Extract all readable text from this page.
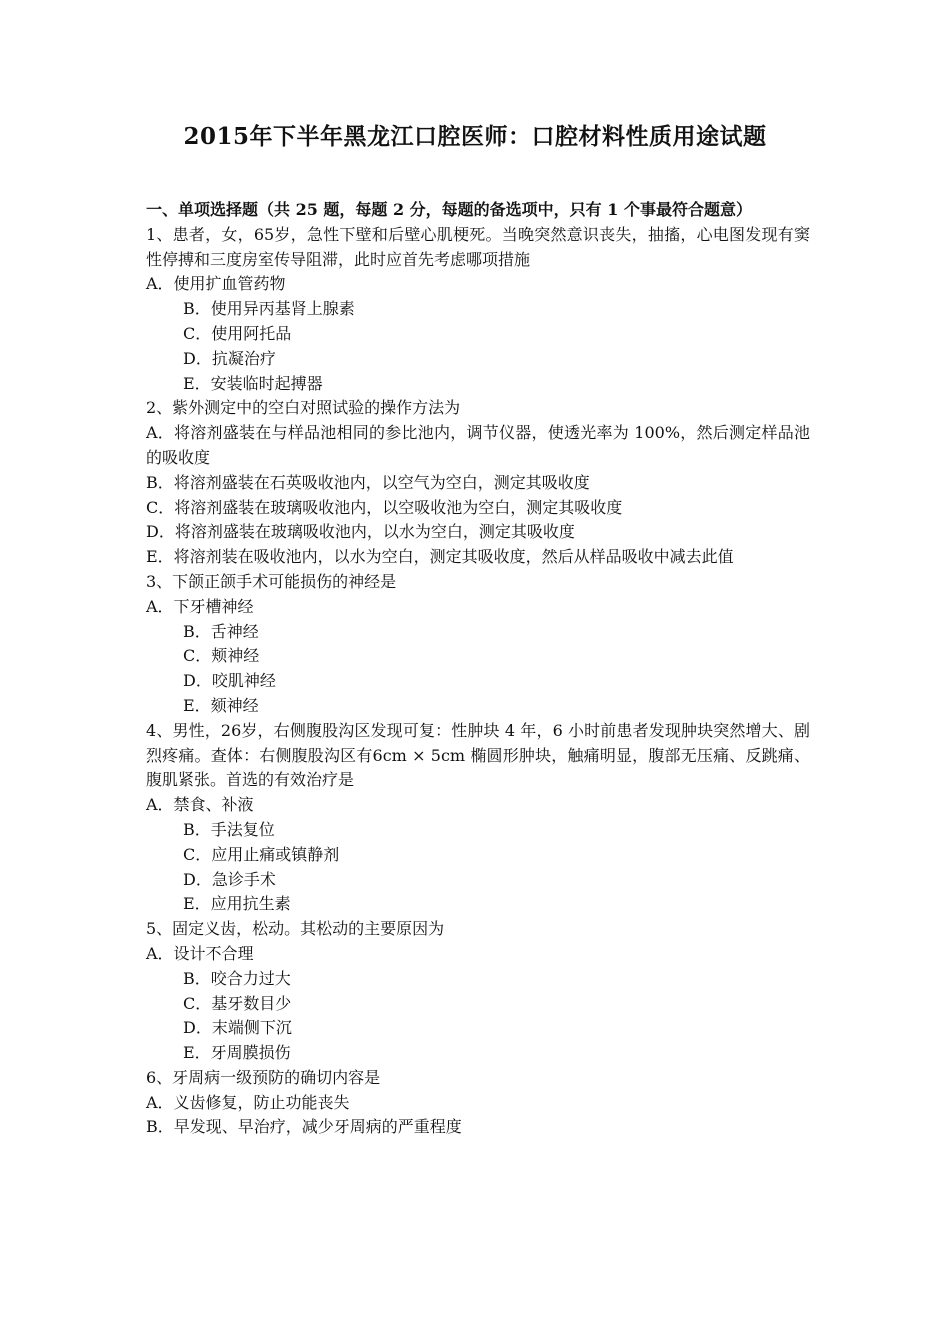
2015年下半年黑龙江口腔医师：口腔材料性质用途试题

一、单项选择题（共 25 题，每题 2 分，每题的备选项中，只有 1 个事最符合题意）

1、患者，女，65岁，急性下壁和后壁心肌梗死。当晚突然意识丧失，抽搐，心电图发现有窦性停搏和三度房室传导阻滞，此时应首先考虑哪项措施

A．使用扩血管药物

B．使用异丙基肾上腺素

C．使用阿托品

D．抗凝治疗

E．安装临时起搏器

2、紫外测定中的空白对照试验的操作方法为

A．将溶剂盛装在与样品池相同的参比池内，调节仪器，使透光率为 100%，然后测定样品池的吸收度

B．将溶剂盛装在石英吸收池内，以空气为空白，测定其吸收度

C．将溶剂盛装在玻璃吸收池内，以空吸收池为空白，测定其吸收度

D．将溶剂盛装在玻璃吸收池内，以水为空白，测定其吸收度

E．将溶剂装在吸收池内，以水为空白，测定其吸收度，然后从样品吸收中减去此值

3、下颌正颌手术可能损伤的神经是

A．下牙槽神经

B．舌神经

C．颊神经

D．咬肌神经

E．颏神经

4、男性，26岁，右侧腹股沟区发现可复：性肿块 4 年，6 小时前患者发现肿块突然增大、剧烈疼痛。查体：右侧腹股沟区有6cm × 5cm 椭圆形肿块，触痛明显，腹部无压痛、反跳痛、腹肌紧张。首选的有效治疗是

A．禁食、补液

B．手法复位

C．应用止痛或镇静剂

D．急诊手术

E．应用抗生素

5、固定义齿，松动。其松动的主要原因为

A．设计不合理

B．咬合力过大

C．基牙数目少

D．末端侧下沉

E．牙周膜损伤

6、牙周病一级预防的确切内容是

A．义齿修复，防止功能丧失

B．早发现、早治疗，减少牙周病的严重程度
